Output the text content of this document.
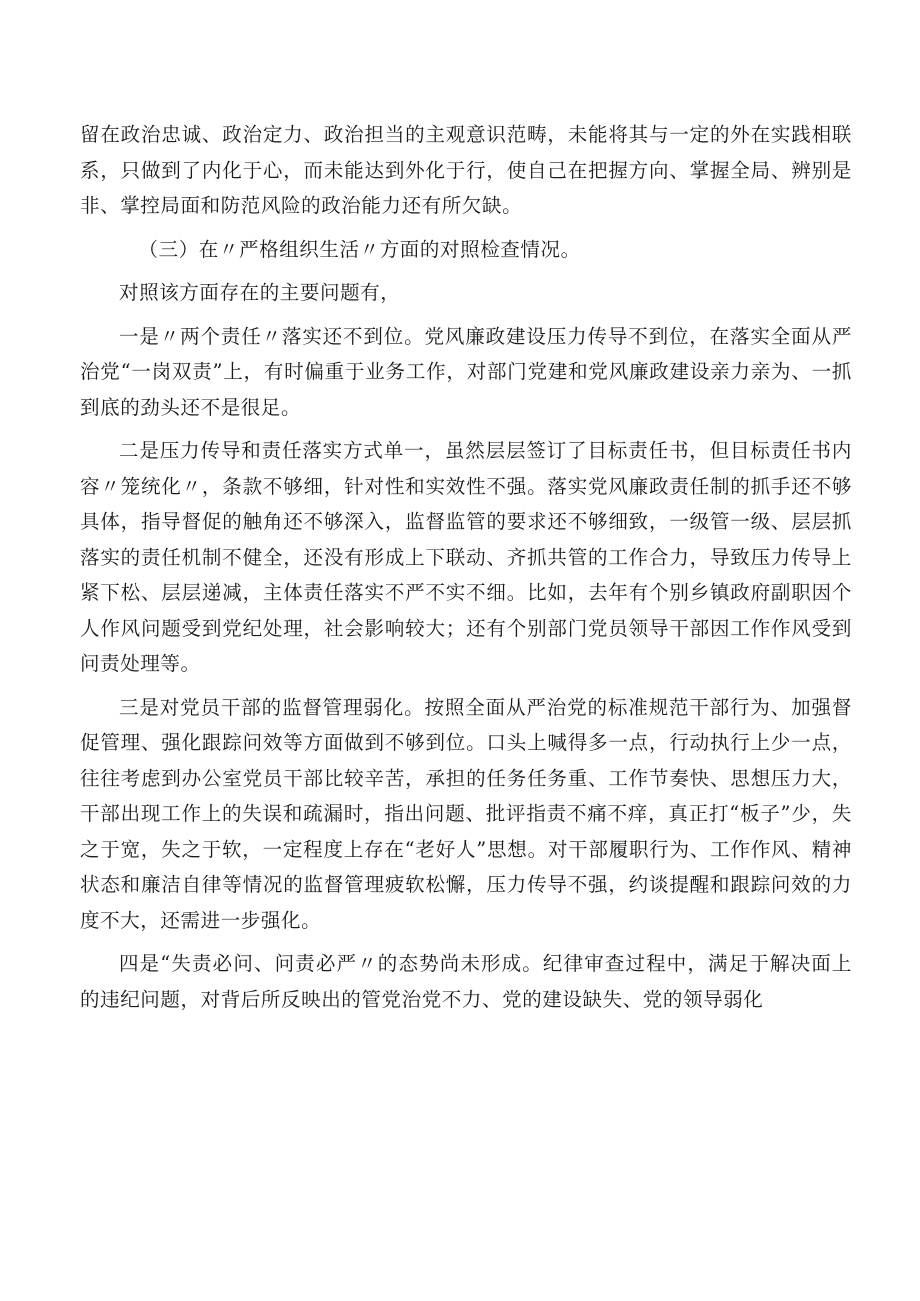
留在政治忠诚、政治定力、政治担当的主观意识范畴，未能将其与一定的外在实践相联系，只做到了内化于心，而未能达到外化于行，使自己在把握方向、掌握全局、辨别是非、掌控局面和防范风险的政治能力还有所欠缺。

（三）在〃严格组织生活〃方面的对照检查情况。

对照该方面存在的主要问题有，

一是〃两个责任〃落实还不到位。党风廉政建设压力传导不到位，在落实全面从严治党“一岗双责”上，有时偏重于业务工作，对部门党建和党风廉政建设亲力亲为、一抓到底的劲头还不是很足。

二是压力传导和责任落实方式单一，虽然层层签订了目标责任书，但目标责任书内容〃笼统化〃，条款不够细，针对性和实效性不强。落实党风廉政责任制的抓手还不够具体，指导督促的触角还不够深入，监督监管的要求还不够细致，一级管一级、层层抓落实的责任机制不健全，还没有形成上下联动、齐抓共管的工作合力，导致压力传导上紧下松、层层递减，主体责任落实不严不实不细。比如，去年有个别乡镇政府副职因个人作风问题受到党纪处理，社会影响较大；还有个别部门党员领导干部因工作作风受到问责处理等。

三是对党员干部的监督管理弱化。按照全面从严治党的标准规范干部行为、加强督促管理、强化跟踪问效等方面做到不够到位。口头上喊得多一点，行动执行上少一点，往往考虑到办公室党员干部比较辛苦，承担的任务任务重、工作节奏快、思想压力大，干部出现工作上的失误和疏漏时，指出问题、批评指责不痛不痒，真正打“板子”少，失之于宽，失之于软，一定程度上存在“老好人”思想。对干部履职行为、工作作风、精神状态和廉洁自律等情况的监督管理疲软松懈，压力传导不强，约谈提醒和跟踪问效的力度不大，还需进一步强化。

四是“失责必问、问责必严〃的态势尚未形成。纪律审查过程中，满足于解决面上的违纪问题，对背后所反映出的管党治党不力、党的建设缺失、党的领导弱化
